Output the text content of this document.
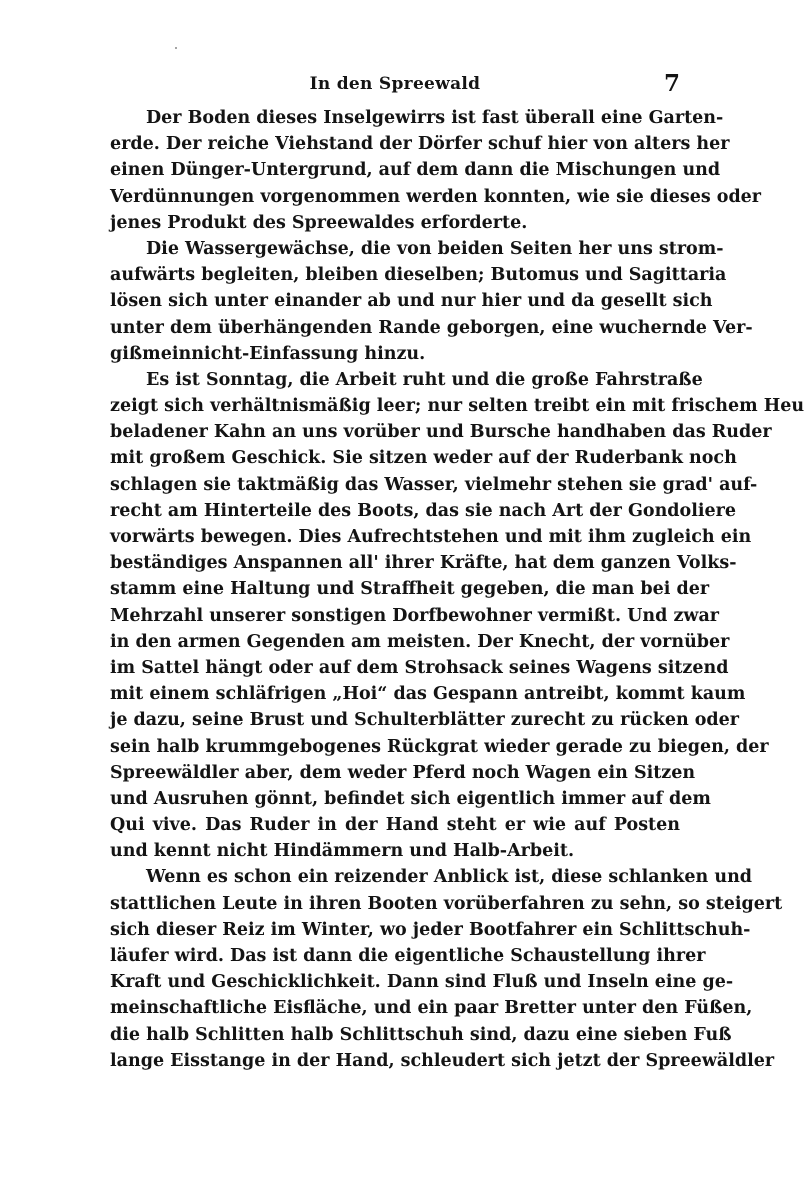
In den Spreewald	7
Der Boden dieses Inselgewirrs ist fast überall eine Garten-
erde. Der reiche Viehstand der Dörfer schuf hier von alters her
einen Dünger-Untergrund, auf dem dann die Mischungen und
Verdünnungen vorgenommen werden konnten, wie sie dieses oder
jenes Produkt des Spreewaldes erforderte.
Die Wassergewächse, die von beiden Seiten her uns strom-
aufwärts begleiten, bleiben dieselben; Butomus und Sagittaria
lösen sich unter einander ab und nur hier und da gesellt sich
unter dem überhängenden Rande geborgen, eine wuchernde Ver-
gißmeinnicht-Einfassung hinzu.
Es ist Sonntag, die Arbeit ruht und die große Fahrstraße
zeigt sich verhältnismäßig leer; nur selten treibt ein mit frischem Heu
beladener Kahn an uns vorüber und Bursche handhaben das Ruder
mit großem Geschick. Sie sitzen weder auf der Ruderbank noch
schlagen sie taktmäßig das Wasser, vielmehr stehen sie grad' auf-
recht am Hinterteile des Boots, das sie nach Art der Gondoliere
vorwärts bewegen. Dies Aufrechtstehen und mit ihm zugleich ein
beständiges Anspannen all' ihrer Kräfte, hat dem ganzen Volks-
stamm eine Haltung und Straffheit gegeben, die man bei der
Mehrzahl unserer sonstigen Dorfbewohner vermißt. Und zwar
in den armen Gegenden am meisten. Der Knecht, der vornüber
im Sattel hängt oder auf dem Strohsack seines Wagens sitzend
mit einem schläfrigen „Hoi“ das Gespann antreibt, kommt kaum
je dazu, seine Brust und Schulterblätter zurecht zu rücken oder
sein halb krummgebogenes Rückgrat wieder gerade zu biegen, der
Spreewäldler aber, dem weder Pferd noch Wagen ein Sitzen
und Ausruhen gönnt, befindet sich eigentlich immer auf dem
Qui vive. Das Ruder in der Hand steht er wie auf Posten
und kennt nicht Hindämmern und Halb-Arbeit.
Wenn es schon ein reizender Anblick ist, diese schlanken und
stattlichen Leute in ihren Booten vorüberfahren zu sehn, so steigert
sich dieser Reiz im Winter, wo jeder Bootfahrer ein Schlittschuh-
läufer wird. Das ist dann die eigentliche Schaustellung ihrer
Kraft und Geschicklichkeit. Dann sind Fluß und Inseln eine ge-
meinschaftliche Eisfläche, und ein paar Bretter unter den Füßen,
die halb Schlitten halb Schlittschuh sind, dazu eine sieben Fuß
lange Eisstange in der Hand, schleudert sich jetzt der Spreewäldler
